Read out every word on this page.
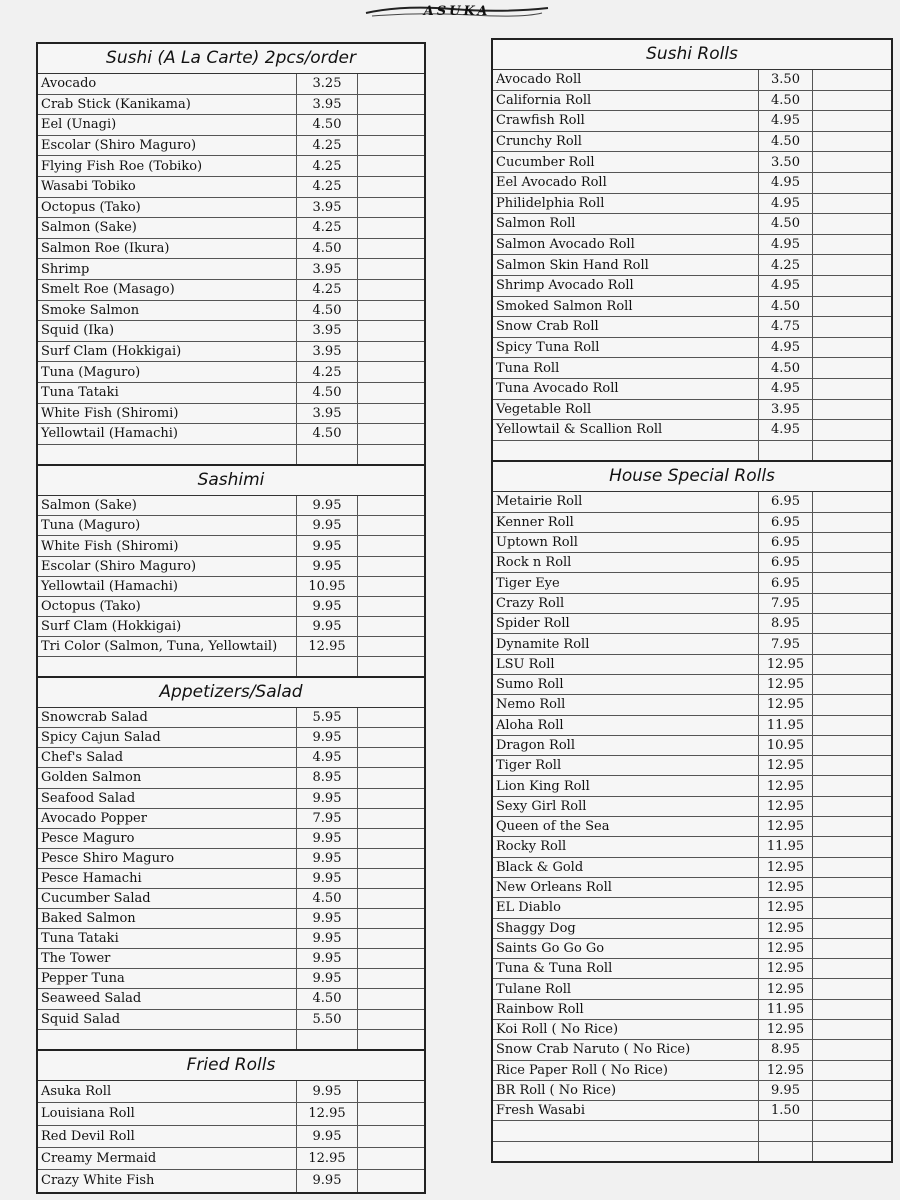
ASUKA
Sushi (A La Carte) 2pcs/order
Avocado	3.25
Crab Stick (Kanikama)	3.95
Eel (Unagi)	4.50
Escolar (Shiro Maguro)	4.25
Flying Fish Roe (Tobiko)	4.25
Wasabi Tobiko	4.25
Octopus (Tako)	3.95
Salmon (Sake)	4.25
Salmon Roe (Ikura)	4.50
Shrimp	3.95
Smelt Roe (Masago)	4.25
Smoke Salmon	4.50
Squid (Ika)	3.95
Surf Clam (Hokkigai)	3.95
Tuna (Maguro)	4.25
Tuna Tataki	4.50
White Fish (Shiromi)	3.95
Yellowtail (Hamachi)	4.50
Sashimi
Salmon (Sake)	9.95
Tuna (Maguro)	9.95
White Fish (Shiromi)	9.95
Escolar (Shiro Maguro)	9.95
Yellowtail (Hamachi)	10.95
Octopus (Tako)	9.95
Surf Clam (Hokkigai)	9.95
Tri Color (Salmon, Tuna, Yellowtail)	12.95
Appetizers/Salad
Snowcrab Salad	5.95
Spicy Cajun Salad	9.95
Chef's Salad	4.95
Golden Salmon	8.95
Seafood Salad	9.95
Avocado Popper	7.95
Pesce Maguro	9.95
Pesce Shiro Maguro	9.95
Pesce Hamachi	9.95
Cucumber Salad	4.50
Baked Salmon	9.95
Tuna Tataki	9.95
The Tower	9.95
Pepper Tuna	9.95
Seaweed Salad	4.50
Squid Salad	5.50
Fried Rolls
Asuka Roll	9.95
Louisiana Roll	12.95
Red Devil Roll	9.95
Creamy Mermaid	12.95
Crazy White Fish	9.95
Sushi Rolls
Avocado Roll	3.50
California Roll	4.50
Crawfish Roll	4.95
Crunchy Roll	4.50
Cucumber Roll	3.50
Eel Avocado Roll	4.95
Philidelphia Roll	4.95
Salmon Roll	4.50
Salmon Avocado Roll	4.95
Salmon Skin Hand Roll	4.25
Shrimp Avocado Roll	4.95
Smoked Salmon Roll	4.50
Snow Crab Roll	4.75
Spicy Tuna Roll	4.95
Tuna Roll	4.50
Tuna Avocado Roll	4.95
Vegetable Roll	3.95
Yellowtail & Scallion Roll	4.95
House Special Rolls
Metairie Roll	6.95
Kenner Roll	6.95
Uptown Roll	6.95
Rock n Roll	6.95
Tiger Eye	6.95
Crazy Roll	7.95
Spider Roll	8.95
Dynamite Roll	7.95
LSU Roll	12.95
Sumo Roll	12.95
Nemo Roll	12.95
Aloha Roll	11.95
Dragon Roll	10.95
Tiger Roll	12.95
Lion King Roll	12.95
Sexy Girl Roll	12.95
Queen of the Sea	12.95
Rocky Roll	11.95
Black & Gold	12.95
New Orleans Roll	12.95
EL Diablo	12.95
Shaggy Dog	12.95
Saints Go Go Go	12.95
Tuna & Tuna Roll	12.95
Tulane Roll	12.95
Rainbow Roll	11.95
Koi Roll ( No Rice)	12.95
Snow Crab Naruto ( No Rice)	8.95
Rice Paper Roll ( No Rice)	12.95
BR Roll ( No Rice)	9.95
Fresh Wasabi	1.50
